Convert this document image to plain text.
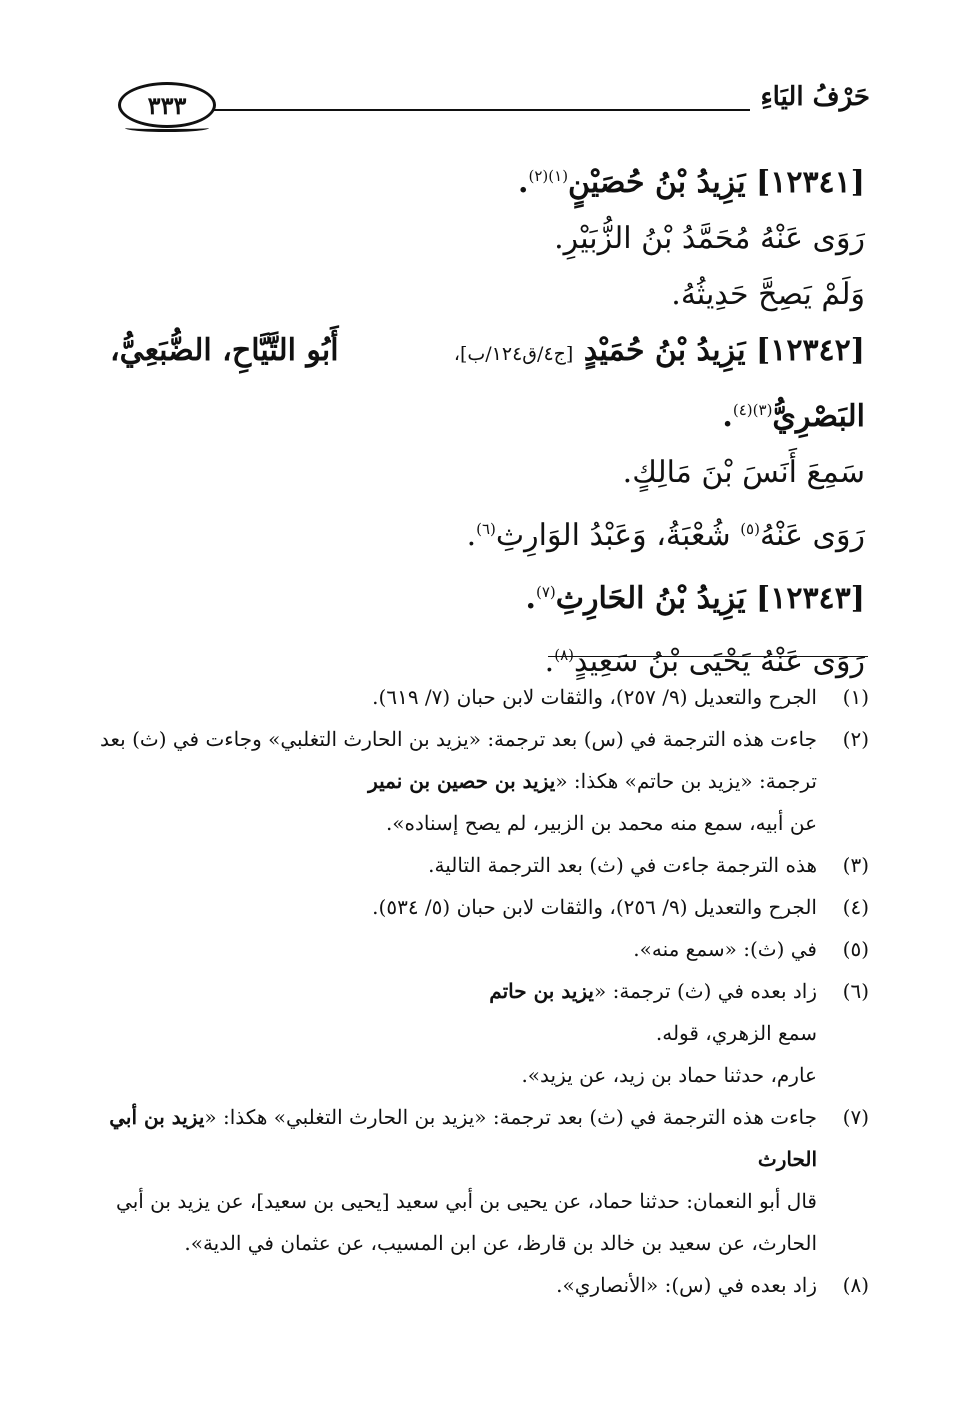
٣٣٣	حَرْفُ اليَاءِ
[١٢٣٤١] يَزِيدُ بْنُ حُصَيْنٍ$^{(١)(٢)}$.
رَوَى عَنْهُ مُحَمَّدُ بْنُ الزُّبَيْرِ.
وَلَمْ يَصِحَّ حَدِيثُهُ.
[١٢٣٤٢] يَزِيدُ بْنُ حُمَيْدٍ [ج٤/ق١٢٤/ب]،
أَبُو التَّيَّاحِ، الضُّبَعِيُّ،
البَصْرِيُّ$^{(٣)(٤)}$.
سَمِعَ أَنَسَ بْنَ مَالِكٍ.
رَوَى عَنْهُ$^{(٥)}$ شُعْبَةُ، وَعَبْدُ الوَارِثِ$^{(٦)}$.
[١٢٣٤٣] يَزِيدُ بْنُ الحَارِثِ$^{(٧)}$.
رَوَى عَنْهُ يَحْيَى بْنُ سَعِيدٍ$^{(٨)}$.
(١)
الجرح والتعديل (٩/ ٢٥٧)، والثقات لابن حبان (٧/ ٦١٩).
(٢)
جاءت هذه الترجمة في (س) بعد ترجمة: «يزيد بن الحارث التغلبي» وجاءت في (ث) بعد
ترجمة: «يزيد بن حاتم» هكذا: «يزيد بن حصين بن نمير
عن أبيه، سمع منه محمد بن الزبير، لم يصح إسناده».
(٣)
هذه الترجمة جاءت في (ث) بعد الترجمة التالية.
(٤)
الجرح والتعديل (٩/ ٢٥٦)، والثقات لابن حبان (٥/ ٥٣٤).
(٥)
في (ث): «سمع منه».
(٦)
زاد بعده في (ث) ترجمة: «يزيد بن حاتم
سمع الزهري، قوله.
عارم، حدثنا حماد بن زيد، عن يزيد».
(٧)
جاءت هذه الترجمة في (ث) بعد ترجمة: «يزيد بن الحارث التغلبي» هكذا: «يزيد بن أبي
الحارث
قال أبو النعمان: حدثنا حماد، عن يحيى بن أبي سعيد [يحيى بن سعيد]، عن يزيد بن أبي
الحارث، عن سعيد بن خالد بن قارظ، عن ابن المسيب، عن عثمان في الدية».
(٨)
زاد بعده في (س): «الأنصاري».
